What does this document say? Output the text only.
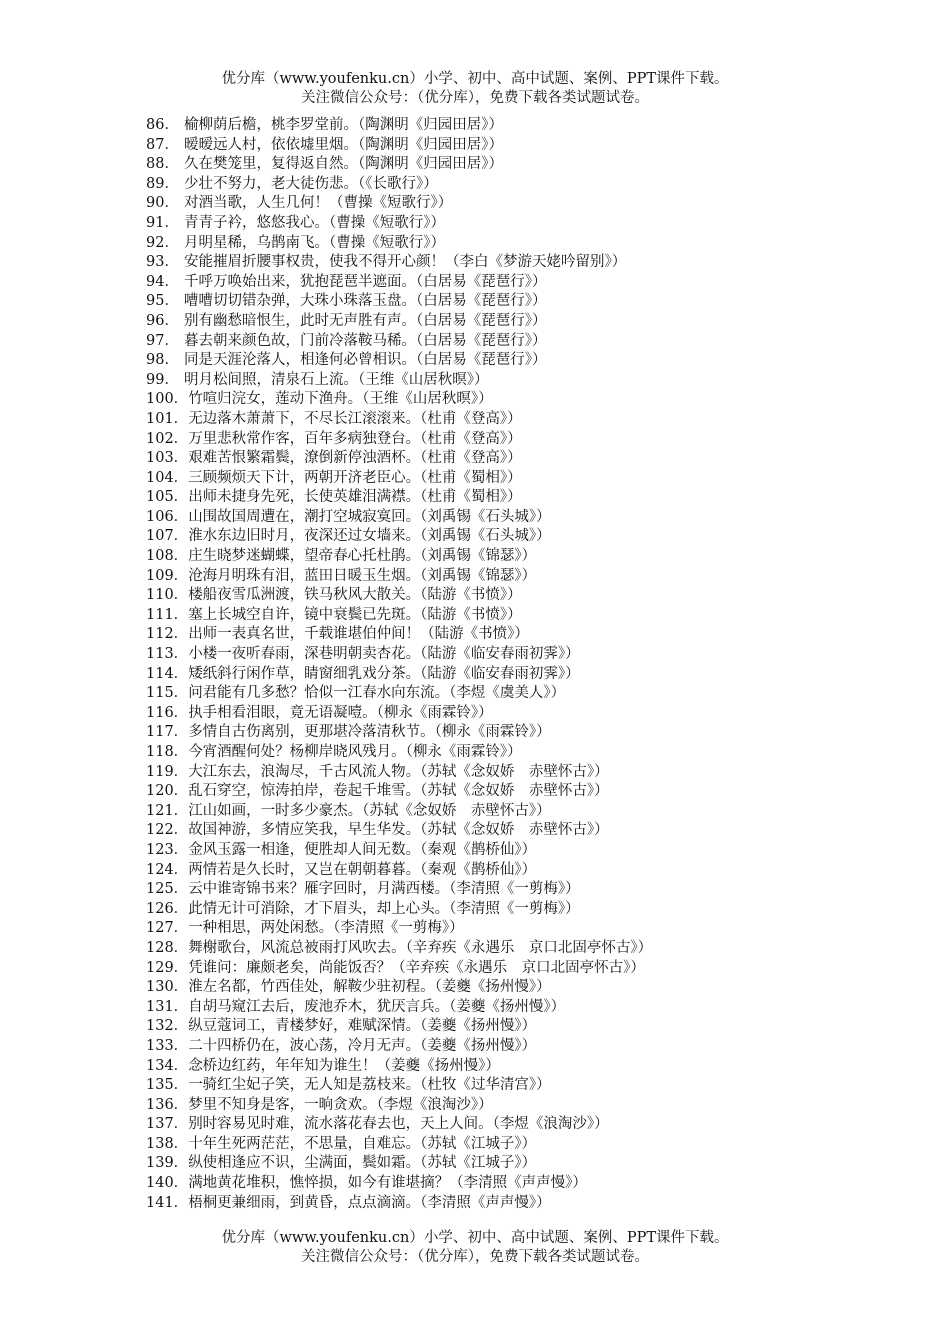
优分库（www.youfenku.cn）小学、初中、高中试题、案例、PPT课件下载。
关注微信公众号：（优分库），免费下载各类试题试卷。
86． 榆柳荫后檐，桃李罗堂前。（陶渊明《归园田居》）
87． 暧暧远人村，依依墟里烟。（陶渊明《归园田居》）
88． 久在樊笼里，复得返自然。（陶渊明《归园田居》）
89． 少壮不努力，老大徒伤悲。（《长歌行》）
90． 对酒当歌，人生几何！（曹操《短歌行》）
91． 青青子衿，悠悠我心。（曹操《短歌行》）
92． 月明星稀，乌鹊南飞。（曹操《短歌行》）
93． 安能摧眉折腰事权贵，使我不得开心颜！（李白《梦游天姥吟留别》）
94． 千呼万唤始出来，犹抱琵琶半遮面。（白居易《琵琶行》）
95． 嘈嘈切切错杂弹，大珠小珠落玉盘。（白居易《琵琶行》）
96． 别有幽愁暗恨生，此时无声胜有声。（白居易《琵琶行》）
97． 暮去朝来颜色故，门前冷落鞍马稀。（白居易《琵琶行》）
98． 同是天涯沦落人，相逢何必曾相识。（白居易《琵琶行》）
99． 明月松间照，清泉石上流。（王维《山居秋暝》）
100． 竹喧归浣女，莲动下渔舟。（王维《山居秋暝》）
101． 无边落木萧萧下，不尽长江滚滚来。（杜甫《登高》）
102． 万里悲秋常作客，百年多病独登台。（杜甫《登高》）
103． 艰难苦恨繁霜鬓，潦倒新停浊酒杯。（杜甫《登高》）
104． 三顾频烦天下计，两朝开济老臣心。（杜甫《蜀相》）
105． 出师未捷身先死，长使英雄泪满襟。（杜甫《蜀相》）
106． 山围故国周遭在，潮打空城寂寞回。（刘禹锡《石头城》）
107． 淮水东边旧时月，夜深还过女墙来。（刘禹锡《石头城》）
108． 庄生晓梦迷蝴蝶，望帝春心托杜鹃。（刘禹锡《锦瑟》）
109． 沧海月明珠有泪，蓝田日暖玉生烟。（刘禹锡《锦瑟》）
110． 楼船夜雪瓜洲渡，铁马秋风大散关。（陆游《书愤》）
111． 塞上长城空自许，镜中衰鬓已先斑。（陆游《书愤》）
112． 出师一表真名世，千载谁堪伯仲间！（陆游《书愤》）
113． 小楼一夜听春雨，深巷明朝卖杏花。（陆游《临安春雨初霁》）
114． 矮纸斜行闲作草，睛窗细乳戏分茶。（陆游《临安春雨初霁》）
115． 问君能有几多愁？恰似一江春水向东流。（李煜《虞美人》）
116． 执手相看泪眼，竟无语凝噎。（柳永《雨霖铃》）
117． 多情自古伤离别，更那堪冷落清秋节。（柳永《雨霖铃》）
118． 今宵酒醒何处？杨柳岸晓风残月。（柳永《雨霖铃》）
119． 大江东去，浪淘尽，千古风流人物。（苏轼《念奴娇　赤壁怀古》）
120． 乱石穿空，惊涛拍岸，卷起千堆雪。（苏轼《念奴娇　赤壁怀古》）
121． 江山如画，一时多少豪杰。（苏轼《念奴娇　赤壁怀古》）
122． 故国神游，多情应笑我，早生华发。（苏轼《念奴娇　赤壁怀古》）
123． 金风玉露一相逢，便胜却人间无数。（秦观《鹊桥仙》）
124． 两情若是久长时，又岂在朝朝暮暮。（秦观《鹊桥仙》）
125． 云中谁寄锦书来？雁字回时，月满西楼。（李清照《一剪梅》）
126． 此情无计可消除，才下眉头，却上心头。（李清照《一剪梅》）
127． 一种相思，两处闲愁。（李清照《一剪梅》）
128． 舞榭歌台，风流总被雨打风吹去。（辛弃疾《永遇乐　京口北固亭怀古》）
129． 凭谁问：廉颇老矣，尚能饭否？（辛弃疾《永遇乐　京口北固亭怀古》）
130． 淮左名都，竹西佳处，解鞍少驻初程。（姜夔《扬州慢》）
131． 自胡马窥江去后，废池乔木，犹厌言兵。（姜夔《扬州慢》）
132． 纵豆蔻词工，青楼梦好，难赋深情。（姜夔《扬州慢》）
133． 二十四桥仍在，波心荡，冷月无声。（姜夔《扬州慢》）
134． 念桥边红药，年年知为谁生！（姜夔《扬州慢》）
135． 一骑红尘妃子笑，无人知是荔枝来。（杜牧《过华清宫》）
136． 梦里不知身是客，一晌贪欢。（李煜《浪淘沙》）
137． 别时容易见时难，流水落花春去也，天上人间。（李煜《浪淘沙》）
138． 十年生死两茫茫，不思量，自难忘。（苏轼《江城子》）
139． 纵使相逢应不识，尘满面，鬓如霜。（苏轼《江城子》）
140． 满地黄花堆积，憔悴损，如今有谁堪摘？（李清照《声声慢》）
141． 梧桐更兼细雨，到黄昏，点点滴滴。（李清照《声声慢》）
优分库（www.youfenku.cn）小学、初中、高中试题、案例、PPT课件下载。
关注微信公众号：（优分库），免费下载各类试题试卷。
